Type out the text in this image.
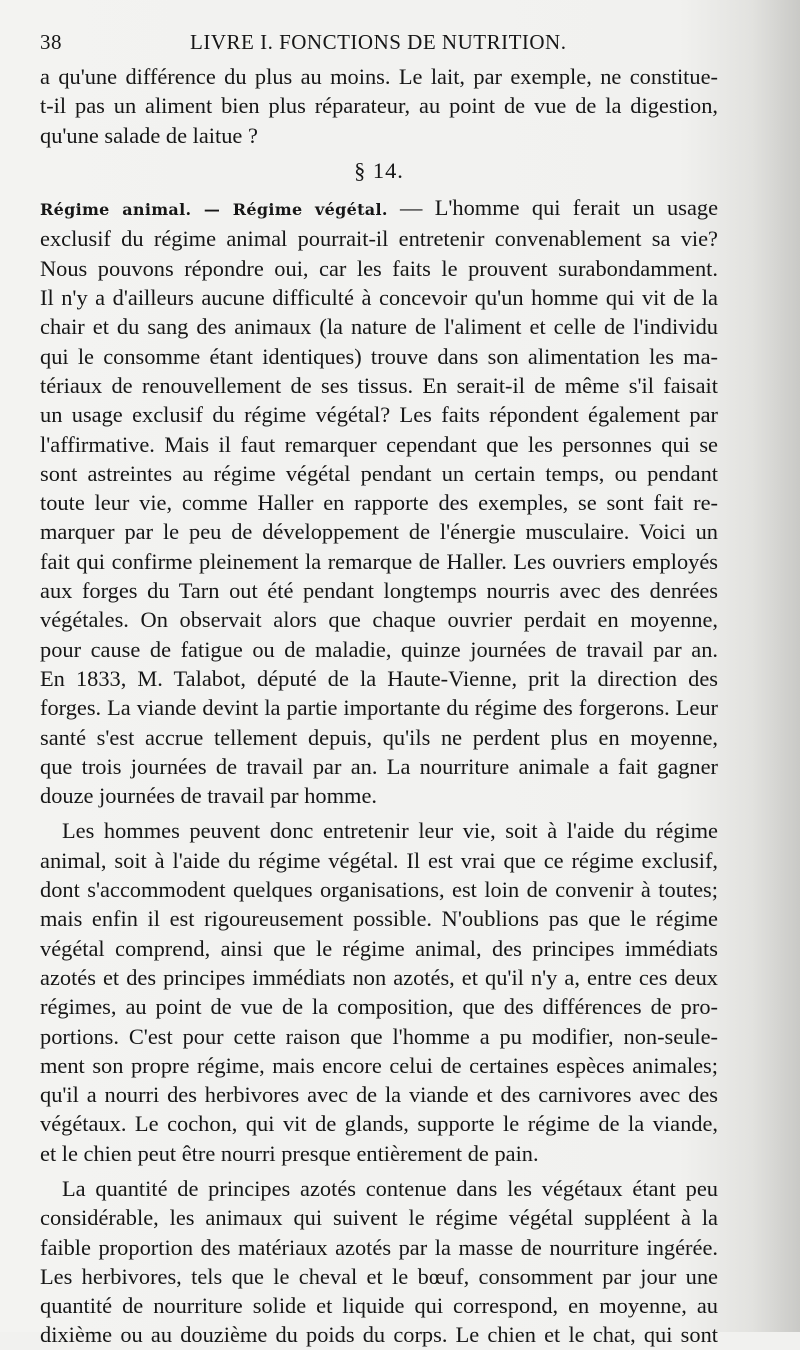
38	LIVRE I. FONCTIONS DE NUTRITION.
a qu'une différence du plus au moins. Le lait, par exemple, ne constitue-
t-il pas un aliment bien plus réparateur, au point de vue de la digestion,
qu'une salade de laitue ?
§ 14.
Régime animal. — Régime végétal. — L'homme qui ferait un usage
exclusif du régime animal pourrait-il entretenir convenablement sa vie?
Nous pouvons répondre oui, car les faits le prouvent surabondamment.
Il n'y a d'ailleurs aucune difficulté à concevoir qu'un homme qui vit de la
chair et du sang des animaux (la nature de l'aliment et celle de l'individu
qui le consomme étant identiques) trouve dans son alimentation les ma-
tériaux de renouvellement de ses tissus. En serait-il de même s'il faisait
un usage exclusif du régime végétal? Les faits répondent également par
l'affirmative. Mais il faut remarquer cependant que les personnes qui se
sont astreintes au régime végétal pendant un certain temps, ou pendant
toute leur vie, comme Haller en rapporte des exemples, se sont fait re-
marquer par le peu de développement de l'énergie musculaire. Voici un
fait qui confirme pleinement la remarque de Haller. Les ouvriers employés
aux forges du Tarn out été pendant longtemps nourris avec des denrées
végétales. On observait alors que chaque ouvrier perdait en moyenne,
pour cause de fatigue ou de maladie, quinze journées de travail par an.
En 1833, M. Talabot, député de la Haute-Vienne, prit la direction des
forges. La viande devint la partie importante du régime des forgerons. Leur
santé s'est accrue tellement depuis, qu'ils ne perdent plus en moyenne,
que trois journées de travail par an. La nourriture animale a fait gagner
douze journées de travail par homme.
Les hommes peuvent donc entretenir leur vie, soit à l'aide du régime
animal, soit à l'aide du régime végétal. Il est vrai que ce régime exclusif,
dont s'accommodent quelques organisations, est loin de convenir à toutes;
mais enfin il est rigoureusement possible. N'oublions pas que le régime
végétal comprend, ainsi que le régime animal, des principes immédiats
azotés et des principes immédiats non azotés, et qu'il n'y a, entre ces deux
régimes, au point de vue de la composition, que des différences de pro-
portions. C'est pour cette raison que l'homme a pu modifier, non-seule-
ment son propre régime, mais encore celui de certaines espèces animales;
qu'il a nourri des herbivores avec de la viande et des carnivores avec des
végétaux. Le cochon, qui vit de glands, supporte le régime de la viande,
et le chien peut être nourri presque entièrement de pain.
La quantité de principes azotés contenue dans les végétaux étant peu
considérable, les animaux qui suivent le régime végétal suppléent à la
faible proportion des matériaux azotés par la masse de nourriture ingérée.
Les herbivores, tels que le cheval et le bœuf, consomment par jour une
quantité de nourriture solide et liquide qui correspond, en moyenne, au
dixième ou au douzième du poids du corps. Le chien et le chat, qui sont
